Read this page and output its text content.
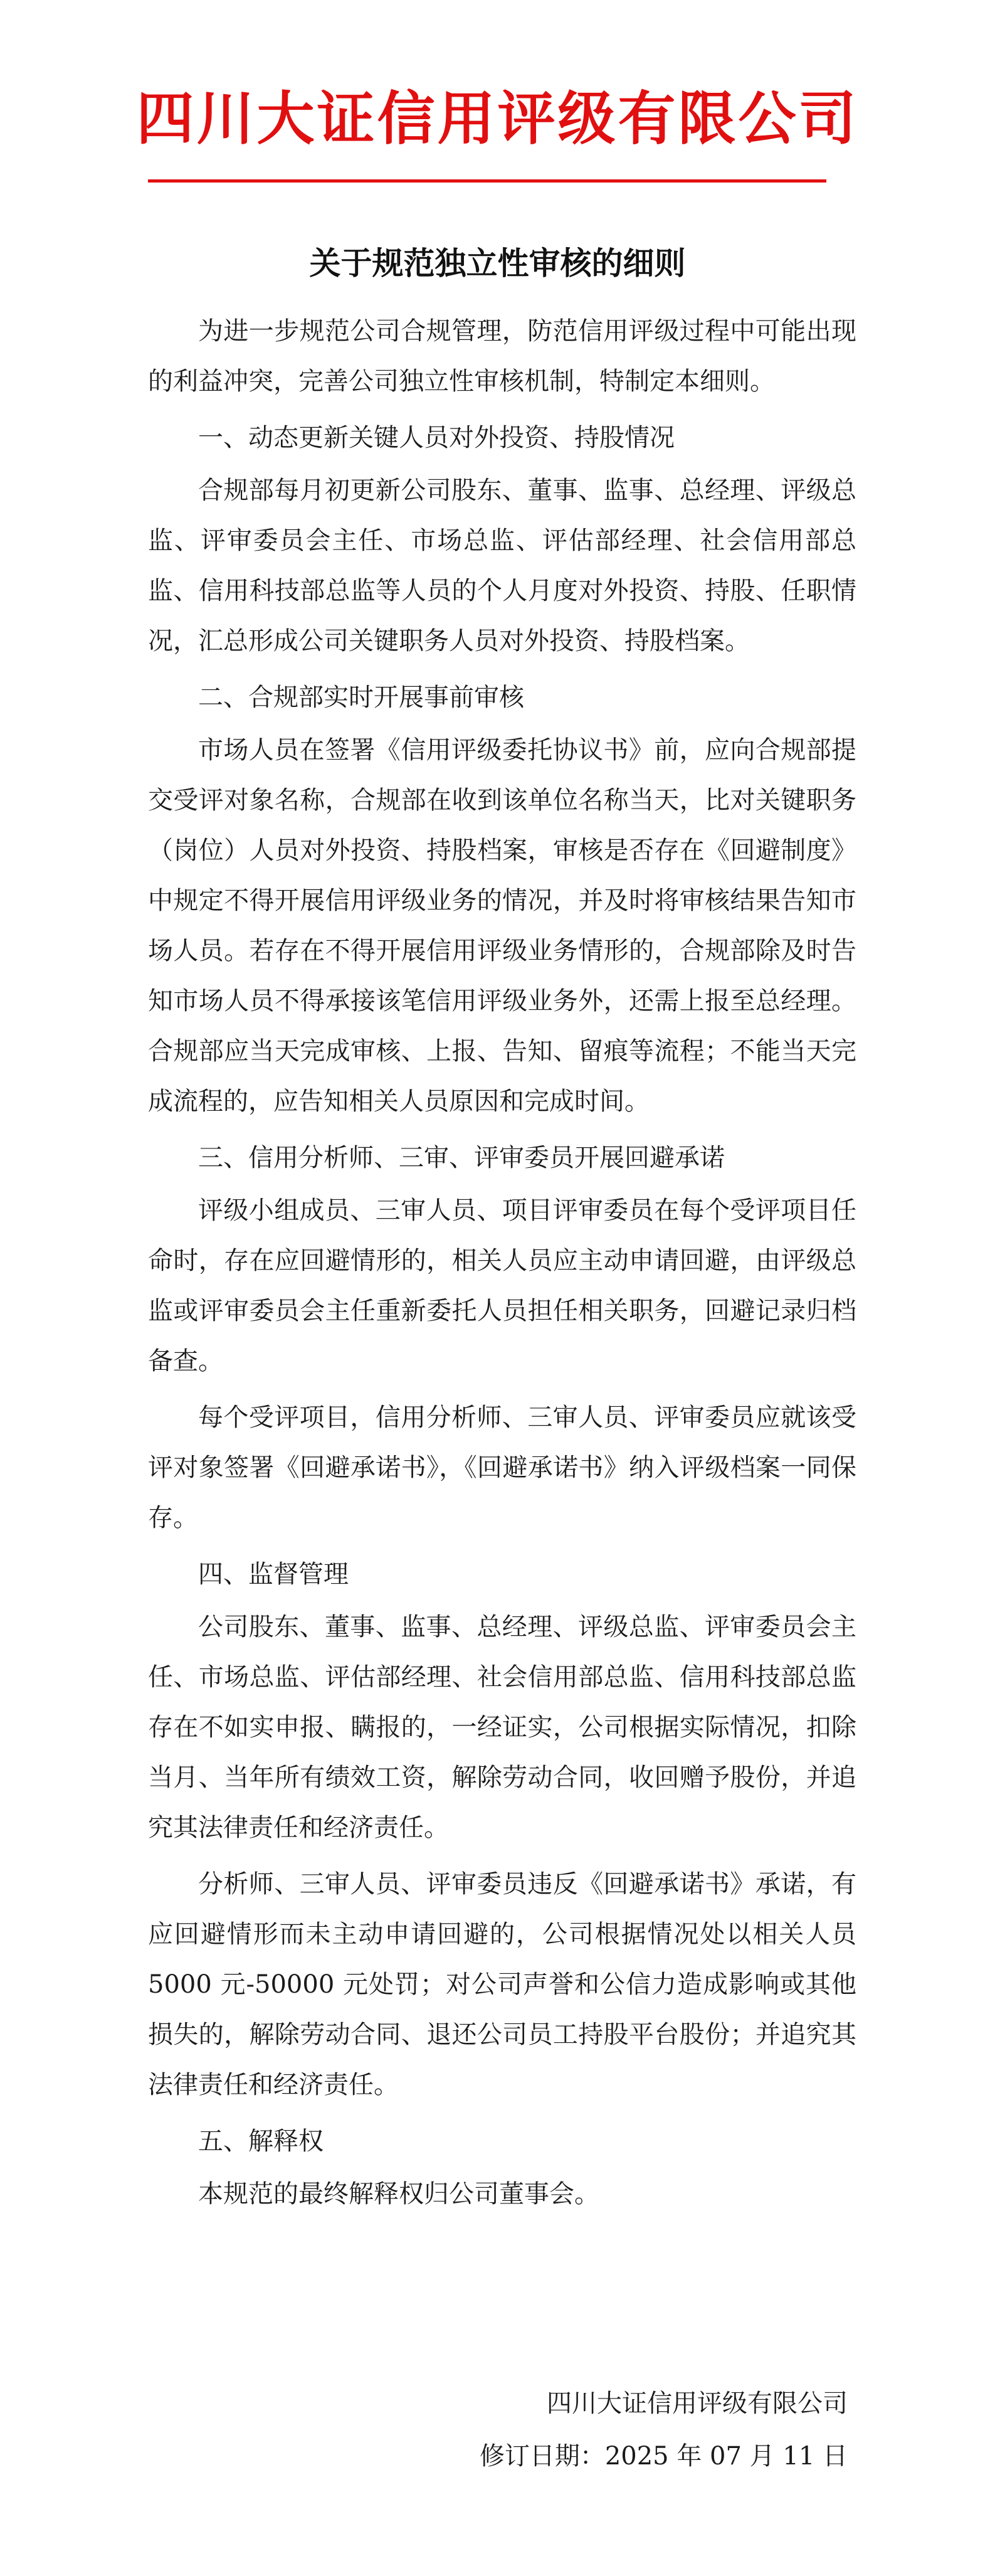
四川大证信用评级有限公司
关于规范独立性审核的细则

为进一步规范公司合规管理，防范信用评级过程中可能出现的利益冲突，完善公司独立性审核机制，特制定本细则。

一、动态更新关键人员对外投资、持股情况

合规部每月初更新公司股东、董事、监事、总经理、评级总监、评审委员会主任、市场总监、评估部经理、社会信用部总监、信用科技部总监等人员的个人月度对外投资、持股、任职情况，汇总形成公司关键职务人员对外投资、持股档案。

二、合规部实时开展事前审核

市场人员在签署《信用评级委托协议书》前，应向合规部提交受评对象名称，合规部在收到该单位名称当天，比对关键职务（岗位）人员对外投资、持股档案，审核是否存在《回避制度》中规定不得开展信用评级业务的情况，并及时将审核结果告知市场人员。若存在不得开展信用评级业务情形的，合规部除及时告知市场人员不得承接该笔信用评级业务外，还需上报至总经理。合规部应当天完成审核、上报、告知、留痕等流程；不能当天完成流程的，应告知相关人员原因和完成时间。

三、信用分析师、三审、评审委员开展回避承诺

评级小组成员、三审人员、项目评审委员在每个受评项目任命时，存在应回避情形的，相关人员应主动申请回避，由评级总监或评审委员会主任重新委托人员担任相关职务，回避记录归档备查。

每个受评项目，信用分析师、三审人员、评审委员应就该受评对象签署《回避承诺书》，《回避承诺书》纳入评级档案一同保存。

四、监督管理

公司股东、董事、监事、总经理、评级总监、评审委员会主任、市场总监、评估部经理、社会信用部总监、信用科技部总监存在不如实申报、瞒报的，一经证实，公司根据实际情况，扣除当月、当年所有绩效工资，解除劳动合同，收回赠予股份，并追究其法律责任和经济责任。

分析师、三审人员、评审委员违反《回避承诺书》承诺，有应回避情形而未主动申请回避的，公司根据情况处以相关人员 5000 元-50000 元处罚；对公司声誉和公信力造成影响或其他损失的，解除劳动合同、退还公司员工持股平台股份；并追究其法律责任和经济责任。

五、解释权

本规范的最终解释权归公司董事会。

四川大证信用评级有限公司
修订日期：2025 年 07 月 11 日
